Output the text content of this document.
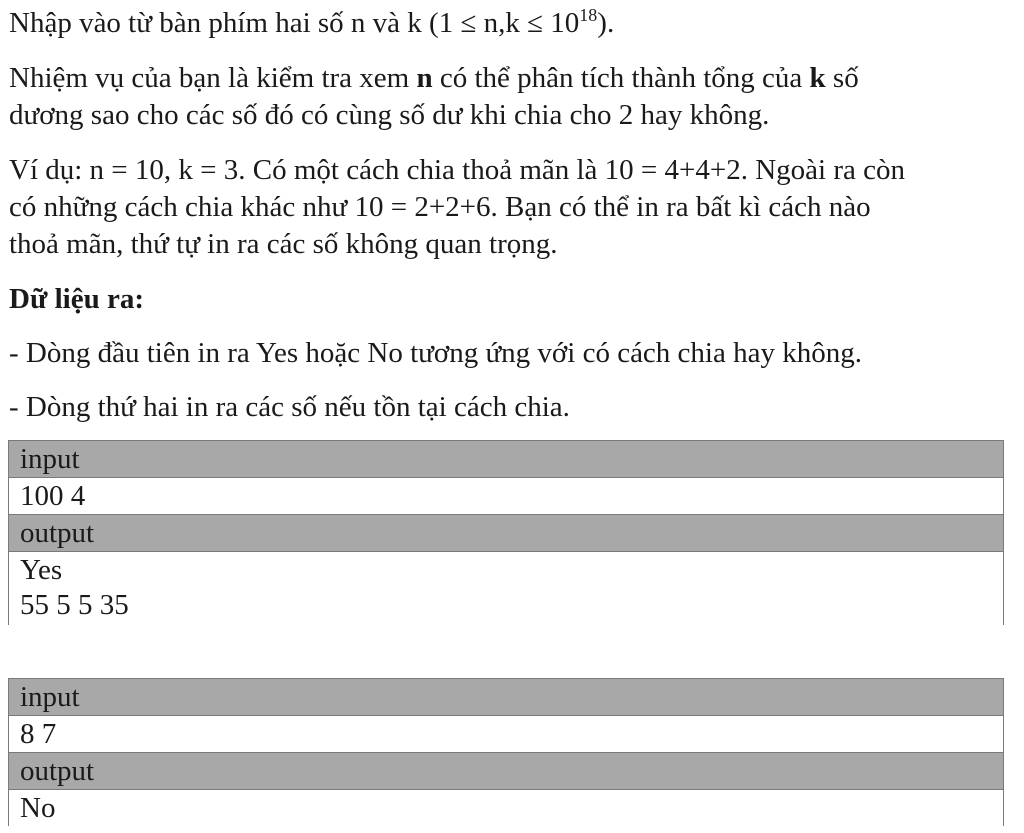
Nhập vào từ bàn phím hai số n và k $(1 \le n,k \le 10^{18})$.

Nhiệm vụ của bạn là kiểm tra xem n có thể phân tích thành tổng của k số
dương sao cho các số đó có cùng số dư khi chia cho 2 hay không.

Ví dụ: n = 10, k = 3. Có một cách chia thoả mãn là 10 = 4+4+2. Ngoài ra còn
có những cách chia khác như 10 = 2+2+6. Bạn có thể in ra bất kì cách nào
thoả mãn, thứ tự in ra các số không quan trọng.

Dữ liệu ra:

- Dòng đầu tiên in ra Yes hoặc No tương ứng với có cách chia hay không.

- Dòng thứ hai in ra các số nếu tồn tại cách chia.

input
100 4
output
Yes
55 5 5 35
input
8 7
output
No
